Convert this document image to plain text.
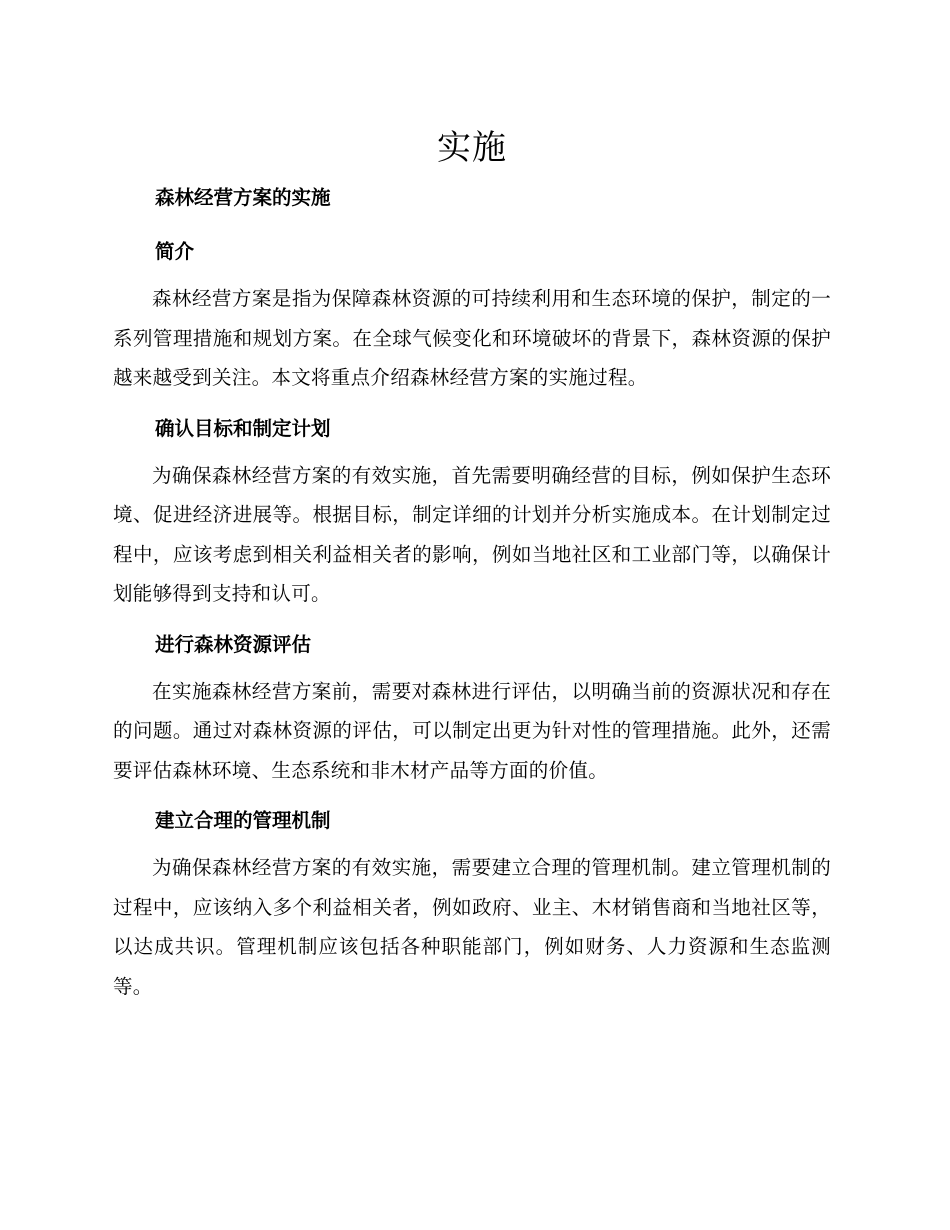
实施
森林经营方案的实施
简介

森林经营方案是指为保障森林资源的可持续利用和生态环境的保护，制定的一系列管理措施和规划方案。在全球气候变化和环境破坏的背景下，森林资源的保护越来越受到关注。本文将重点介绍森林经营方案的实施过程。

确认目标和制定计划

为确保森林经营方案的有效实施，首先需要明确经营的目标，例如保护生态环境、促进经济进展等。根据目标，制定详细的计划并分析实施成本。在计划制定过程中，应该考虑到相关利益相关者的影响，例如当地社区和工业部门等，以确保计划能够得到支持和认可。

进行森林资源评估

在实施森林经营方案前，需要对森林进行评估，以明确当前的资源状况和存在的问题。通过对森林资源的评估，可以制定出更为针对性的管理措施。此外，还需要评估森林环境、生态系统和非木材产品等方面的价值。

建立合理的管理机制

为确保森林经营方案的有效实施，需要建立合理的管理机制。建立管理机制的过程中，应该纳入多个利益相关者，例如政府、业主、木材销售商和当地社区等，以达成共识。管理机制应该包括各种职能部门，例如财务、人力资源和生态监测等。
